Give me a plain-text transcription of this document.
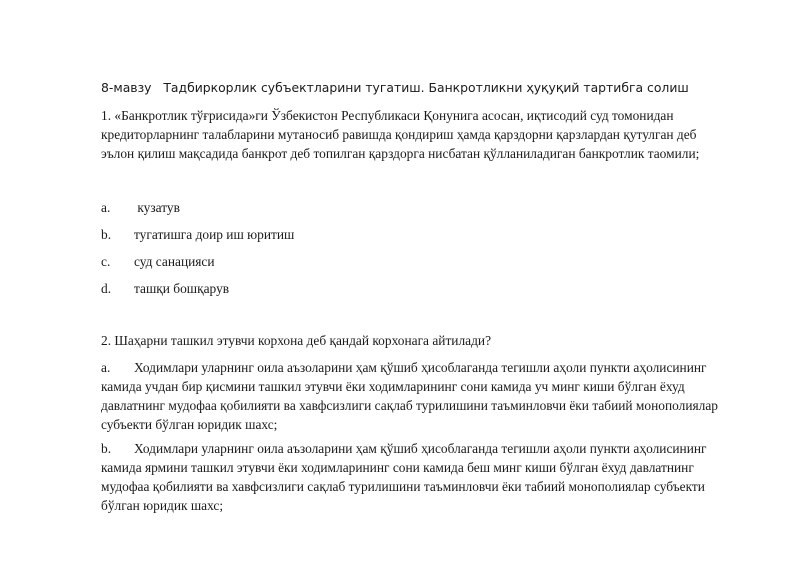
8-мавзу   Тадбиркорлик субъектларини тугатиш. Банкротликни ҳуқуқий тартибга солиш
1. «Банкротлик тўғрисида»ги Ўзбекистон Республикаси Қонунига асосан, иқтисодий суд томонидан кредиторларнинг талабларини мутаносиб равишда қондириш ҳамда қарздорни қарзлардан қутулган деб эълон қилиш мақсадида банкрот деб топилган қарздорга нисбатан қўлланиладиган банкротлик таомили;
a. кузатув
b. тугатишга доир иш юритиш
c. суд санацияси
d. ташқи бошқарув
2. Шаҳарни ташкил этувчи корхона деб қандай корхонага айтилади?
a. Ходимлари уларнинг оила аъзоларини ҳам қўшиб ҳисоблаганда тегишли аҳоли пункти аҳолисининг камида учдан бир қисмини ташкил этувчи ёки ходимларининг сони камида уч минг киши бўлган ёхуд давлатнинг мудофаа қобилияти ва хавфсизлиги сақлаб турилишини таъминловчи ёки табиий монополиялар субъекти бўлган юридик шахс;
b. Ходимлари уларнинг оила аъзоларини ҳам қўшиб ҳисоблаганда тегишли аҳоли пункти аҳолисининг камида ярмини ташкил этувчи ёки ходимларининг сони камида беш минг киши бўлган ёхуд давлатнинг мудофаа қобилияти ва хавфсизлиги сақлаб турилишини таъминловчи ёки табиий монополиялар субъекти бўлган юридик шахс;
